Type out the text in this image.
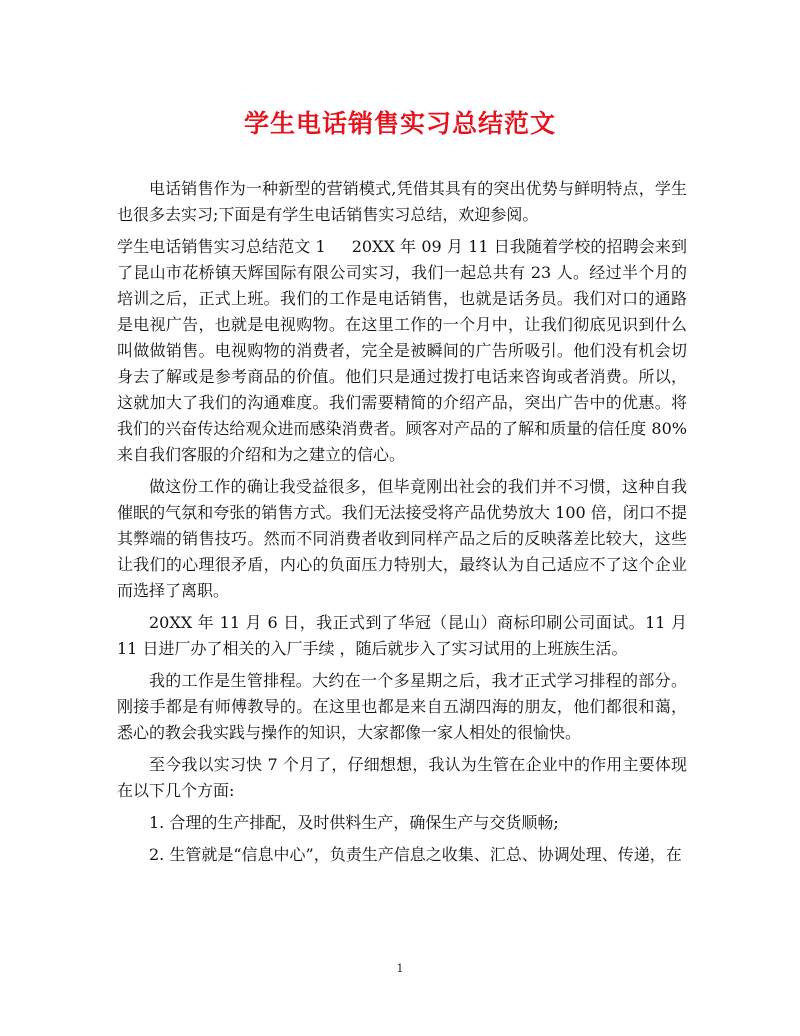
学生电话销售实习总结范文

电话销售作为一种新型的营销模式,凭借其具有的突出优势与鲜明特点，学生也很多去实习;下面是有学生电话销售实习总结，欢迎参阅。

学生电话销售实习总结范文 1 20XX 年 09 月 11 日我随着学校的招聘会来到了昆山市花桥镇天辉国际有限公司实习，我们一起总共有 23 人。经过半个月的培训之后，正式上班。我们的工作是电话销售，也就是话务员。我们对口的通路是电视广告，也就是电视购物。在这里工作的一个月中，让我们彻底见识到什么叫做做销售。电视购物的消费者，完全是被瞬间的广告所吸引。他们没有机会切身去了解或是参考商品的价值。他们只是通过拨打电话来咨询或者消费。所以，这就加大了我们的沟通难度。我们需要精简的介绍产品，突出广告中的优惠。将我们的兴奋传达给观众进而感染消费者。顾客对产品的了解和质量的信任度 80%来自我们客服的介绍和为之建立的信心。

做这份工作的确让我受益很多，但毕竟刚出社会的我们并不习惯，这种自我催眠的气氛和夸张的销售方式。我们无法接受将产品优势放大 100 倍，闭口不提其弊端的销售技巧。然而不同消费者收到同样产品之后的反映落差比较大，这些让我们的心理很矛盾，内心的负面压力特别大，最终认为自己适应不了这个企业而选择了离职。

20XX 年 11 月 6 日，我正式到了华冠（昆山）商标印刷公司面试。11 月 11 日进厂办了相关的入厂手续 ，随后就步入了实习试用的上班族生活。

我的工作是生管排程。大约在一个多星期之后，我才正式学习排程的部分。刚接手都是有师傅教导的。在这里也都是来自五湖四海的朋友，他们都很和蔼，悉心的教会我实践与操作的知识，大家都像一家人相处的很愉快。

至今我以实习快 7 个月了，仔细想想，我认为生管在企业中的作用主要体现在以下几个方面:

1. 合理的生产排配，及时供料生产，确保生产与交货顺畅;

2. 生管就是“信息中心”，负责生产信息之收集、汇总、协调处理、传递，在

1
